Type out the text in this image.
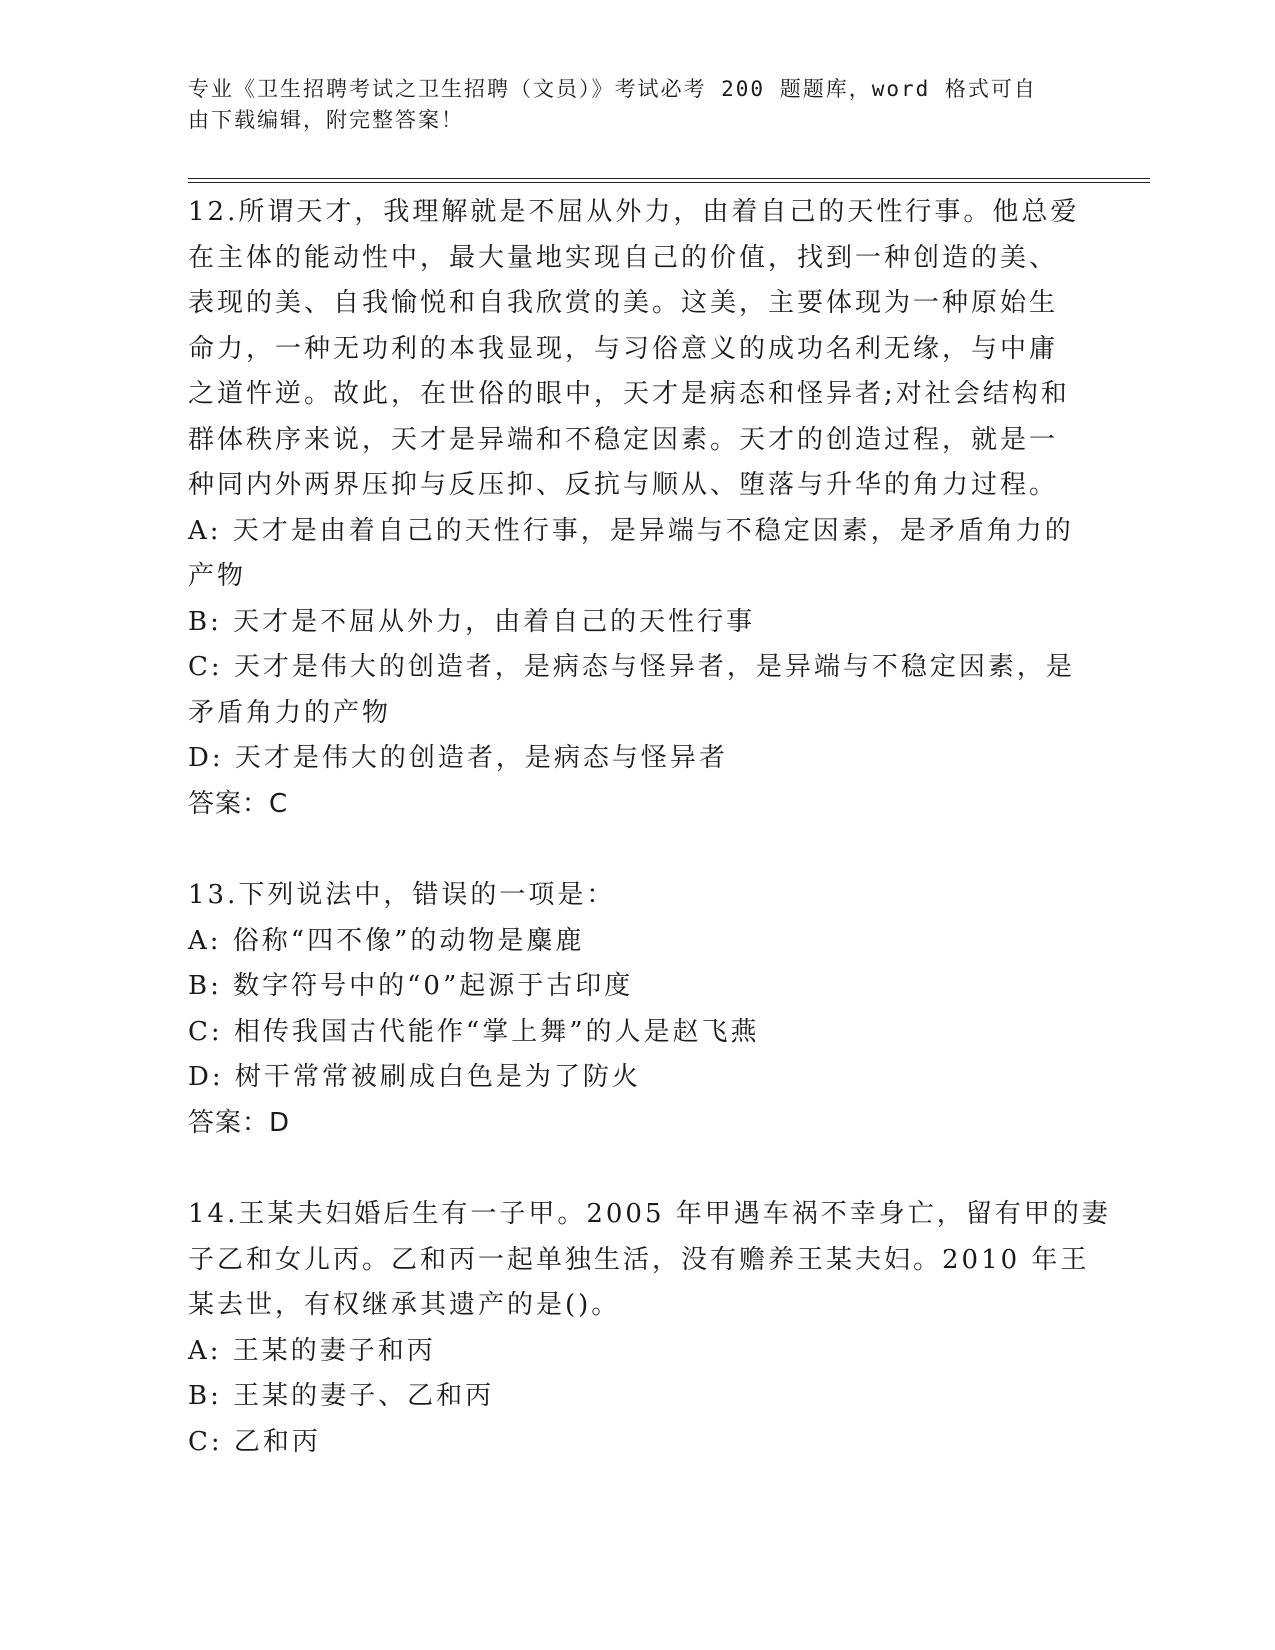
专业《卫生招聘考试之卫生招聘（文员）》考试必考 200 题题库，word 格式可自
由下载编辑，附完整答案！
12.所谓天才，我理解就是不屈从外力，由着自己的天性行事。他总爱
在主体的能动性中，最大量地实现自己的价值，找到一种创造的美、
表现的美、自我愉悦和自我欣赏的美。这美，主要体现为一种原始生
命力，一种无功利的本我显现，与习俗意义的成功名利无缘，与中庸
之道忤逆。故此，在世俗的眼中，天才是病态和怪异者;对社会结构和
群体秩序来说，天才是异端和不稳定因素。天才的创造过程，就是一
种同内外两界压抑与反压抑、反抗与顺从、堕落与升华的角力过程。
A: 天才是由着自己的天性行事，是异端与不稳定因素，是矛盾角力的
产物
B: 天才是不屈从外力，由着自己的天性行事
C: 天才是伟大的创造者，是病态与怪异者，是异端与不稳定因素，是
矛盾角力的产物
D: 天才是伟大的创造者，是病态与怪异者
答案：C
13.下列说法中，错误的一项是：
A: 俗称“四不像”的动物是麋鹿
B: 数字符号中的“0”起源于古印度
C: 相传我国古代能作“掌上舞”的人是赵飞燕
D: 树干常常被刷成白色是为了防火
答案：D
14.王某夫妇婚后生有一子甲。2005 年甲遇车祸不幸身亡，留有甲的妻
子乙和女儿丙。乙和丙一起单独生活，没有赡养王某夫妇。2010 年王
某去世，有权继承其遗产的是()。
A: 王某的妻子和丙
B: 王某的妻子、乙和丙
C: 乙和丙
